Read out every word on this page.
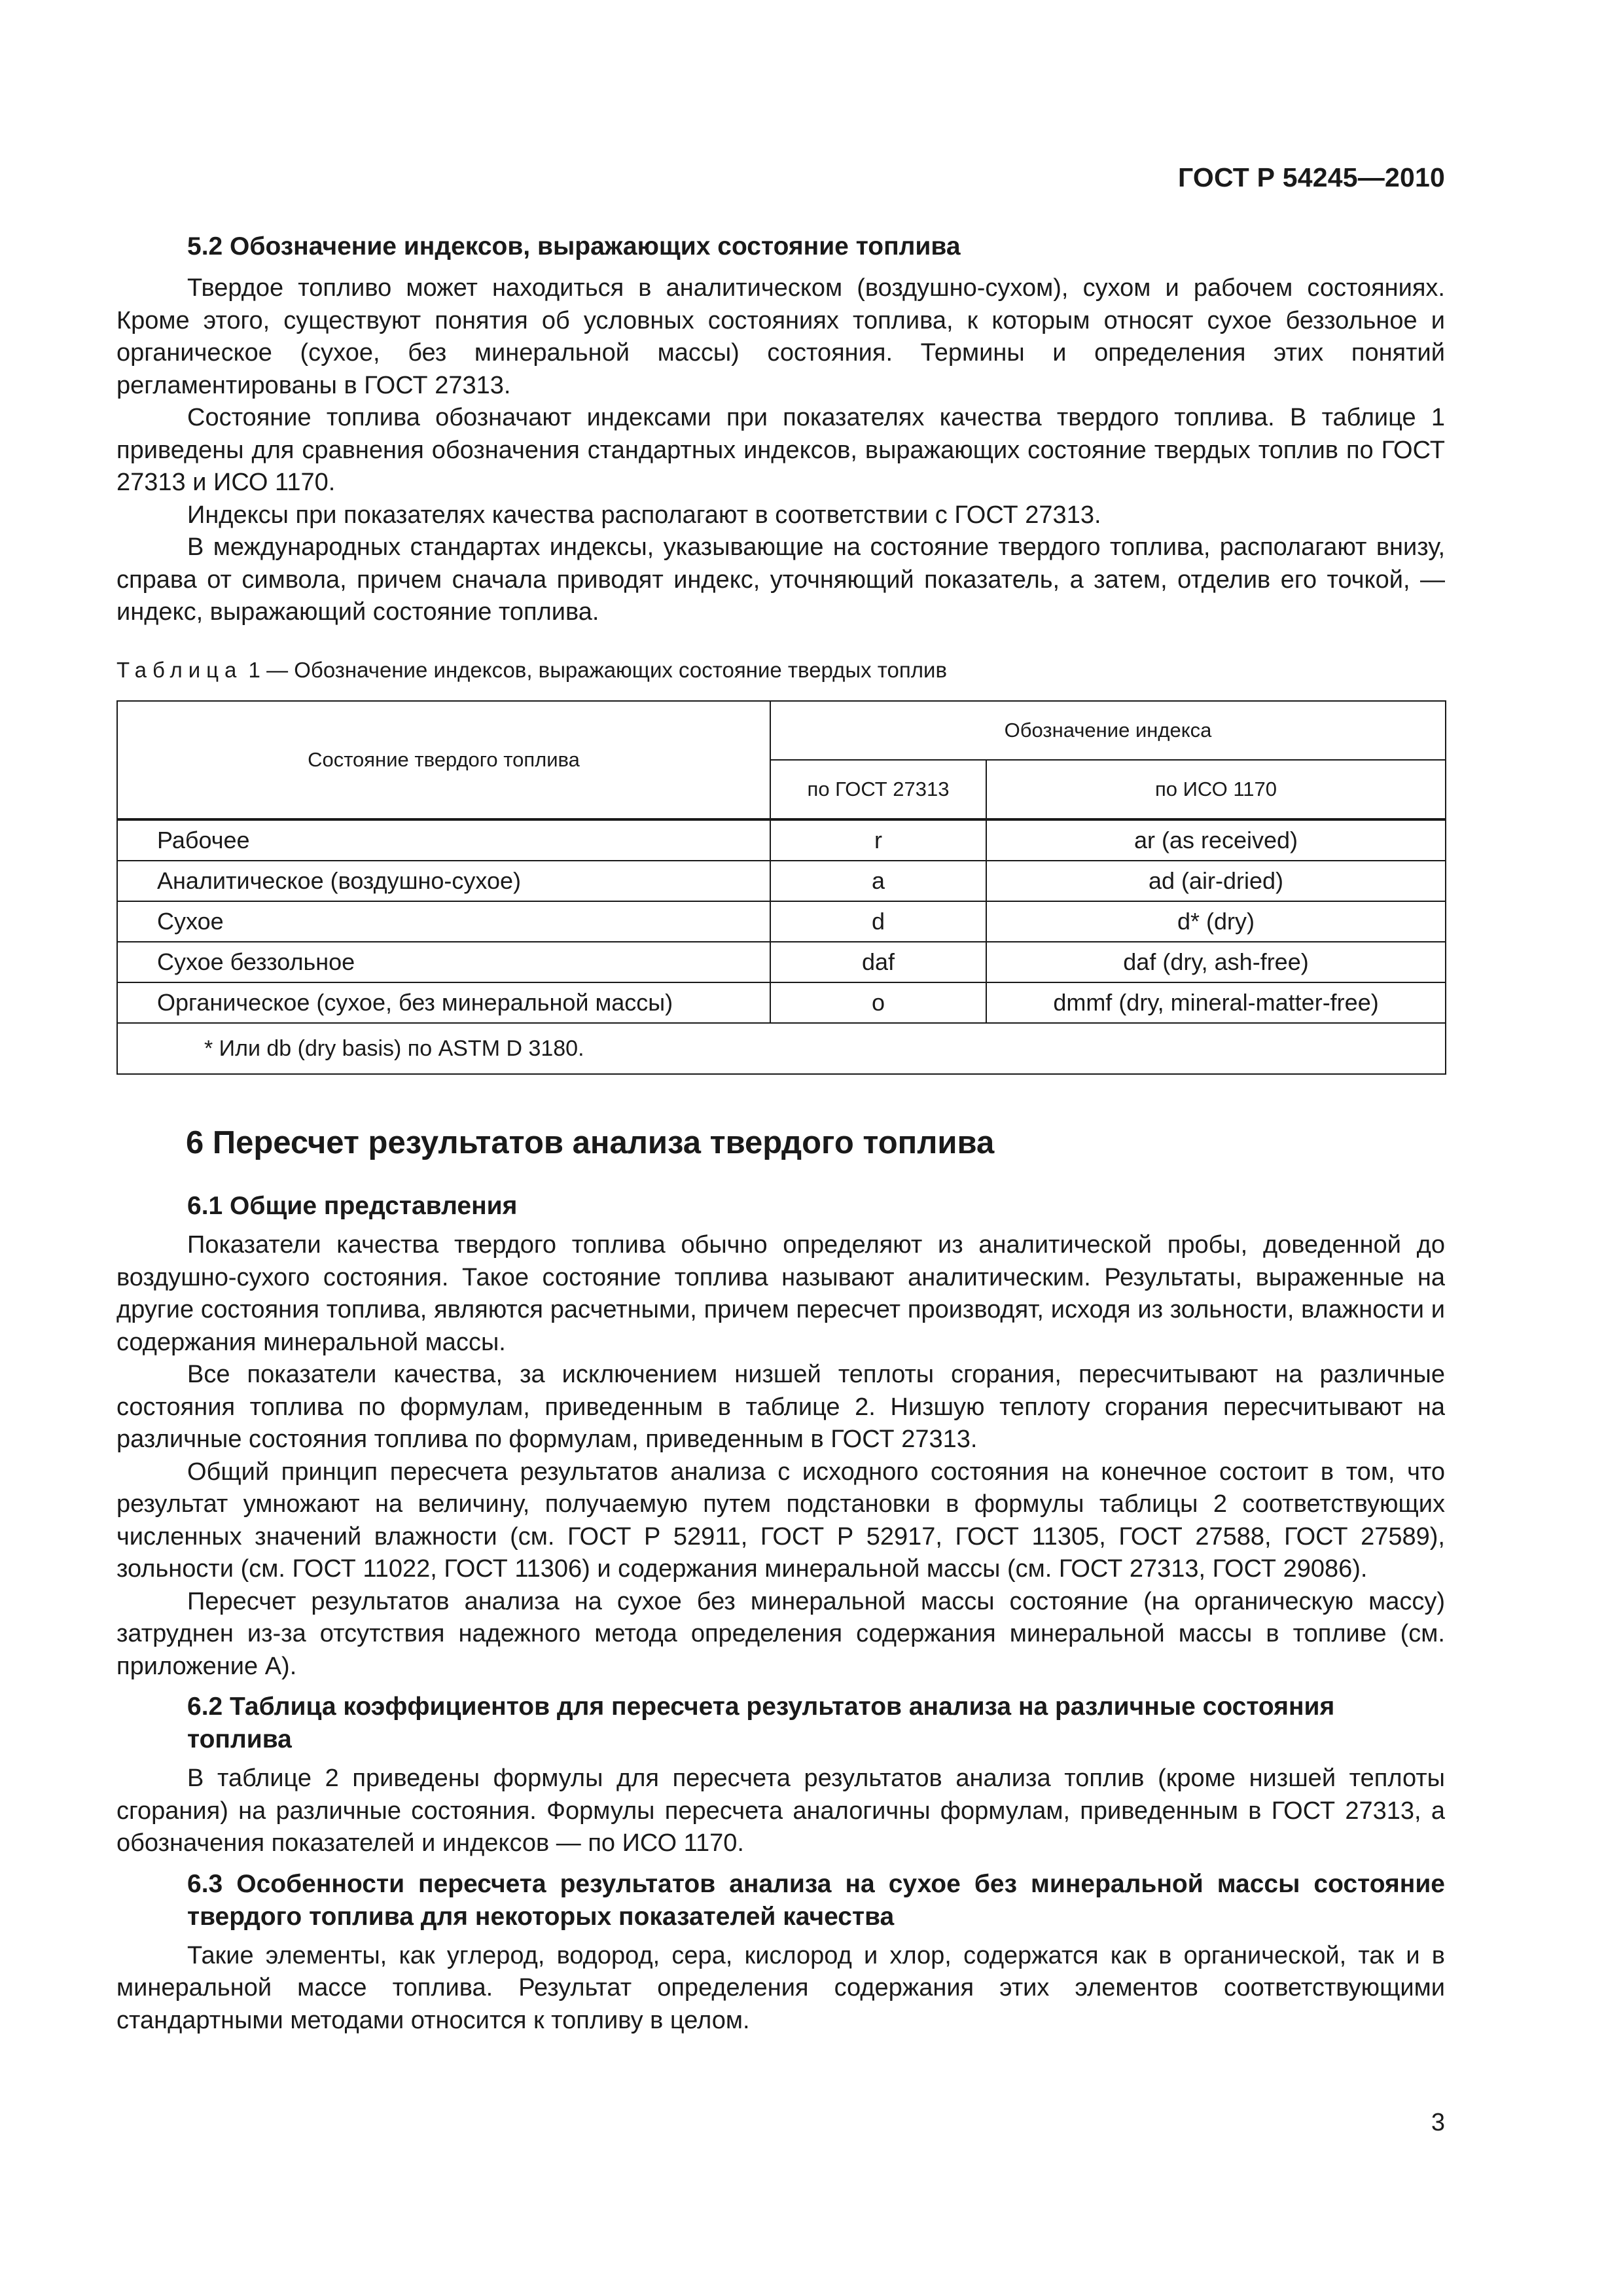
ГОСТ Р 54245—2010
5.2 Обозначение индексов, выражающих состояние топлива

Твердое топливо может находиться в аналитическом (воздушно-сухом), сухом и рабочем состояниях. Кроме этого, существуют понятия об условных состояниях топлива, к которым относят сухое беззольное и органическое (сухое, без минеральной массы) состояния. Термины и определения этих понятий регламентированы в ГОСТ 27313.

Состояние топлива обозначают индексами при показателях качества твердого топлива. В таблице 1 приведены для сравнения обозначения стандартных индексов, выражающих состояние твердых топлив по ГОСТ 27313 и ИСО 1170.

Индексы при показателях качества располагают в соответствии с ГОСТ 27313.

В международных стандартах индексы, указывающие на состояние твердого топлива, располагают внизу, справа от символа, причем сначала приводят индекс, уточняющий показатель, а затем, отделив его точкой, — индекс, выражающий состояние топлива.

Таблица 1 — Обозначение индексов, выражающих состояние твердых топлив

Состояние твердого топлива	Обозначение индекса	
	по ГОСТ 27313	по ИСО 1170
Рабочее	r	ar (as received)
Аналитическое (воздушно-сухое)	a	ad (air-dried)
Сухое	d	d* (dry)
Сухое беззольное	daf	daf (dry, ash-free)
Органическое (сухое, без минеральной массы)	o	dmmf (dry, mineral-matter-free)
* Или db (dry basis) по ASTM D 3180.		
6 Пересчет результатов анализа твердого топлива
6.1 Общие представления

Показатели качества твердого топлива обычно определяют из аналитической пробы, доведенной до воздушно-сухого состояния. Такое состояние топлива называют аналитическим. Результаты, выраженные на другие состояния топлива, являются расчетными, причем пересчет производят, исходя из зольности, влажности и содержания минеральной массы.

Все показатели качества, за исключением низшей теплоты сгорания, пересчитывают на различные состояния топлива по формулам, приведенным в таблице 2. Низшую теплоту сгорания пересчитывают на различные состояния топлива по формулам, приведенным в ГОСТ 27313.

Общий принцип пересчета результатов анализа с исходного состояния на конечное состоит в том, что результат умножают на величину, получаемую путем подстановки в формулы таблицы 2 соответствующих численных значений влажности (см. ГОСТ Р 52911, ГОСТ Р 52917, ГОСТ 11305, ГОСТ 27588, ГОСТ 27589), зольности (см. ГОСТ 11022, ГОСТ 11306) и содержания минеральной массы (см. ГОСТ 27313, ГОСТ 29086).

Пересчет результатов анализа на сухое без минеральной массы состояние (на органическую массу) затруднен из-за отсутствия надежного метода определения содержания минеральной массы в топливе (см. приложение А).

6.2 Таблица коэффициентов для пересчета результатов анализа на различные состояния топлива

В таблице 2 приведены формулы для пересчета результатов анализа топлив (кроме низшей теплоты сгорания) на различные состояния. Формулы пересчета аналогичны формулам, приведенным в ГОСТ 27313, а обозначения показателей и индексов — по ИСО 1170.

6.3 Особенности пересчета результатов анализа на сухое без минеральной массы состояние твердого топлива для некоторых показателей качества

Такие элементы, как углерод, водород, сера, кислород и хлор, содержатся как в органической, так и в минеральной массе топлива. Результат определения содержания этих элементов соответствующими стандартными методами относится к топливу в целом.

3
